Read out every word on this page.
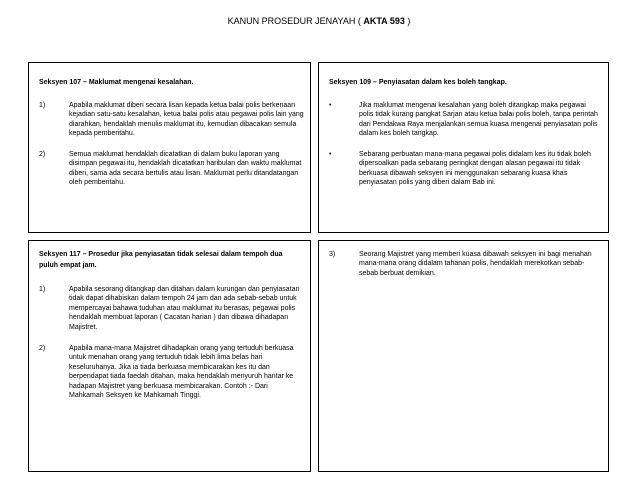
KANUN PROSEDUR JENAYAH ( AKTA 593 )
Seksyen 107 – Maklumat mengenai kesalahan.
1)	Apabila maklumat diberi secara lisan kepada ketua balai polis berkenaan kejadian satu-satu kesalahan, ketua balai polis atau pegawai polis lain yang diarahkan, hendaklah menulis maklumat itu, kemudian dibacakan semula kepada pemberitahu.
2)	Semua maklumat hendaklah dicatatkan di dalam buku laporan yang disimpan pegawai itu, hendaklah dicatatkan haribulan dan waktu maklumat diberi, sama ada secara bertulis atau lisan. Maklumat perlu ditandatangan oleh pemberitahu.
Seksyen 109 – Penyiasatan dalam kes boleh tangkap.
•	Jika maklumat mengenai kesalahan yang boleh ditangkap maka pegawai polis tidak kurang pangkat Sarjan atau ketua balai polis boleh, tanpa perintah dari Pendakwa Raya menjalankan semua kuasa mengenai penyiasatan polis dalam kes boleh tangkap.
•	Sebarang perbuatan mana-mana pegawai polis didalam kes itu tidak boleh dipersoalkan pada sebarang peringkat dengan alasan pegawai itu tidak berkuasa dibawah seksyen ini menggunakan sebarang kuasa khas penyiasatan polis yang diberi dalam Bab ini.
Seksyen 117 – Prosedur jika penyiasatan tidak selesai dalam tempoh dua puluh empat jam.
1)	Apabila sesorang ditangkap dan ditahan dalam kurungan dan penyiasatan tidak dapat dihabiskan dalam tempoh 24 jam dan ada sebab-sebab untuk mempercayai bahawa tuduhan atau maklumat itu berasas, pegawai polis hendaklah membuat laporan ( Cacatan harian ) dan dibawa dihadapan Majistret.
2)	Apabila mana-mana Majistret dihadapkan orang yang tertuduh berkuasa untuk menahan orang yang tertuduh tidak lebih lima belas hari keseluruhanya. Jika ia tiada berkuasa membicarakan kes itu dan berpendapat tiada faedah ditahan, maka hendaklah menyuruh hantar ke hadapan Majistret yang berkuasa membicarakan. Contoh :- Dari Mahkamah Seksyen ke Mahkamah Tinggi.
3)	Seorang Majistret yang memberi kuasa dibawah seksyen ini bagi menahan mana-mana orang didalam tahanan polis, hendaklah merekotkan sebab-sebab berbuat demikian.
